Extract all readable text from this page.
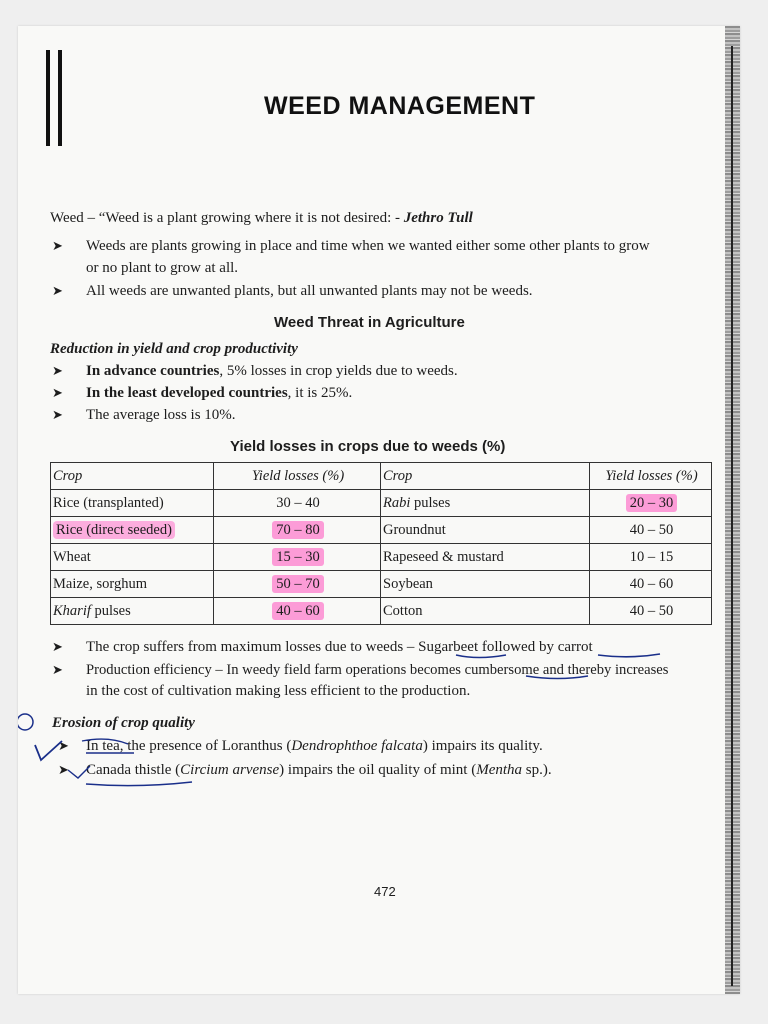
WEED MANAGEMENT
Weed – “Weed is a plant growing where it is not desired: - Jethro Tull
➤ Weeds are plants growing in place and time when we wanted either some other plants to grow
or no plant to grow at all.
➤ All weeds are unwanted plants, but all unwanted plants may not be weeds.
Weed Threat in Agriculture
Reduction in yield and crop productivity
➤ In advance countries, 5% losses in crop yields due to weeds.
➤ In the least developed countries, it is 25%.
➤ The average loss is 10%.
Yield losses in crops due to weeds (%)
Crop	Yield losses (%)	Crop	Yield losses (%)
Rice (transplanted)	30 – 40	Rabi pulses	20 – 30
Rice (direct seeded)	70 – 80	Groundnut	40 – 50
Wheat	15 – 30	Rapeseed & mustard	10 – 15
Maize, sorghum	50 – 70	Soybean	40 – 60
Kharif pulses	40 – 60	Cotton	40 – 50
➤ The crop suffers from maximum losses due to weeds – Sugarbeet followed by carrot
➤ Production efficiency – In weedy field farm operations becomes cumbersome and thereby increases
in the cost of cultivation making less efficient to the production.
Erosion of crop quality
➤ In tea, the presence of Loranthus (Dendrophthoe falcata) impairs its quality.
➤ Canada thistle (Circium arvense) impairs the oil quality of mint (Mentha sp.).
472
